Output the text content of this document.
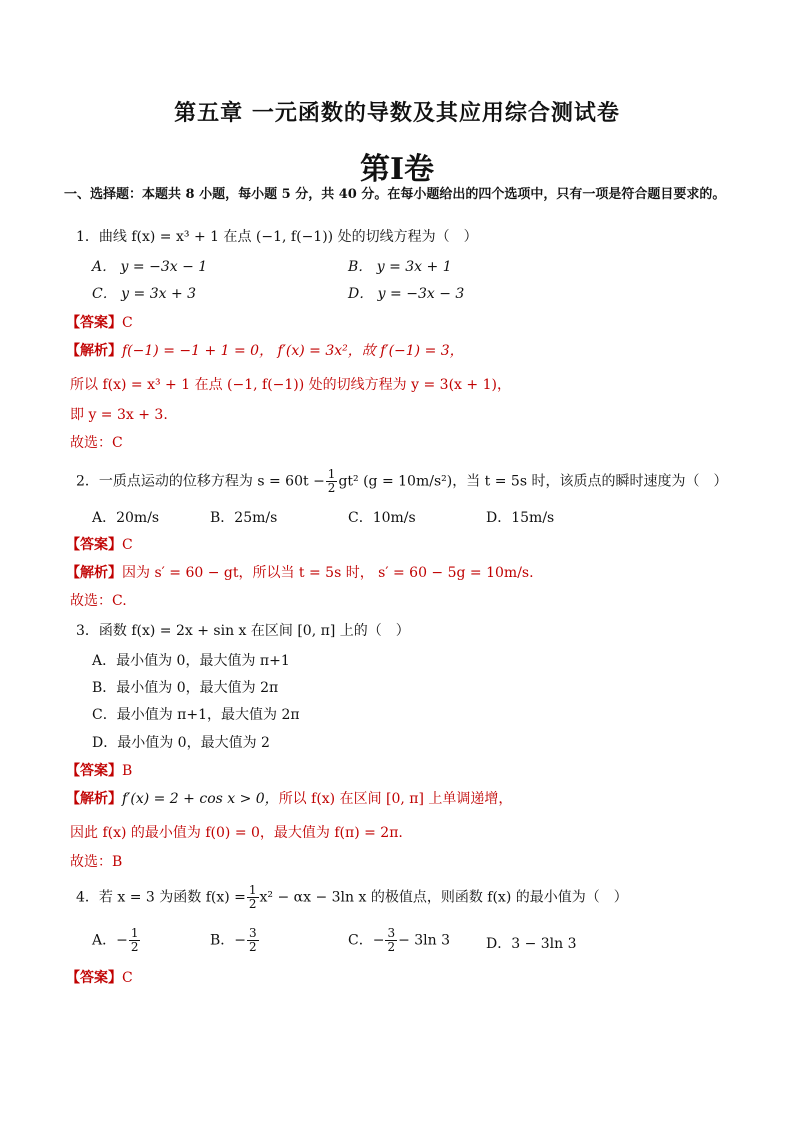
第五章 一元函数的导数及其应用综合测试卷
第Ⅰ卷
一、选择题：本题共 8 小题，每小题 5 分，共 40 分。在每小题给出的四个选项中，只有一项是符合题目要求的。
1．曲线 f(x) = x³ + 1 在点 (−1, f(−1)) 处的切线方程为（　）
A． y = −3x − 1	B． y = 3x + 1
C． y = 3x + 3	D． y = −3x − 3
【答案】C
【解析】f(−1) = −1 + 1 = 0， f′(x) = 3x²，故 f′(−1) = 3，
所以 f(x) = x³ + 1 在点 (−1, f(−1)) 处的切线方程为 y = 3(x + 1)，
即 y = 3x + 3.
故选：C
2．一质点运动的位移方程为 $s = 60t - \frac{1}{2} gt^2$ (g = 10m/s²)，当 t = 5s 时，该质点的瞬时速度为（　）
A．20m/s	B．25m/s	C．10m/s	D．15m/s
【答案】C
【解析】因为 s′ = 60 − gt，所以当 t = 5s 时， s′ = 60 − 5g = 10m/s.
故选：C.
3．函数 f(x) = 2x + sin x 在区间 [0, π] 上的（　）
A．最小值为 0，最大值为 π+1
B．最小值为 0，最大值为 2π
C．最小值为 π+1，最大值为 2π
D．最小值为 0，最大值为 2
【答案】B
【解析】f′(x) = 2 + cos x > 0，所以 f(x) 在区间 [0, π] 上单调递增，
因此 f(x) 的最小值为 f(0) = 0，最大值为 f(π) = 2π.
故选：B
4．若 x = 3 为函数 $f(x) = \frac{1}{2} x^2 - \alpha x - 3\ln$ x 的极值点，则函数 f(x) 的最小值为（　）
A．− $\frac{1}{2}$	B．− $\frac{3}{2}$	C．− $\frac{3}{2} - 3\ln$ 3	D．3 − 3ln 3
【答案】C
